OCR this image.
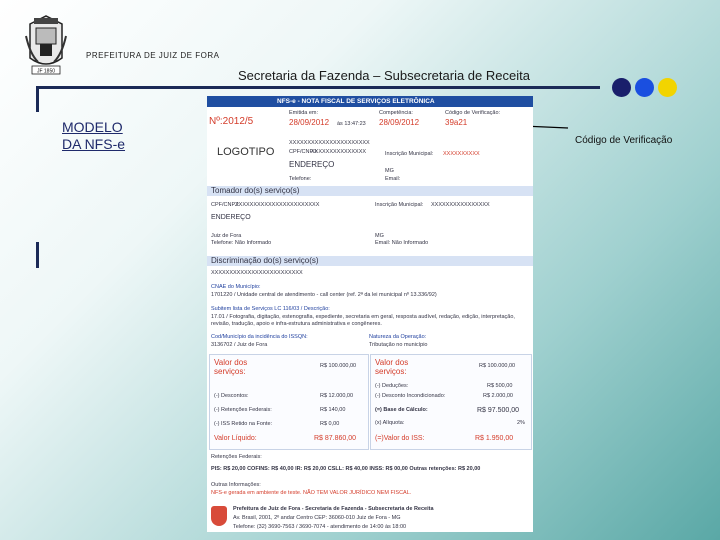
JF 1850
PREFEITURA DE JUIZ DE FORA
Secretaria da Fazenda – Subsecretaria de Receita
MODELO
DA NFS-e	Código de Verificação
NFS-e - NOTA FISCAL DE SERVIÇOS ELETRÔNICA
Nº:2012/5
Emitida em:
28/09/2012 às 13:47:23
Competência:
28/09/2012
Código de Verificação:
39a21
LOGOTIPO
XXXXXXXXXXXXXXXXXXXXXX
CPF/CNPJ:
XXXXXXXXXXXXXXX	Inscrição Municipal: XXXXXXXXXX
ENDEREÇO
Telefone:
MG
Email:
Tomador do(s) serviço(s)
CPF/CNPJ:
XXXXXXXXXXXXXXXXXXXXXXX	Inscrição Municipal: XXXXXXXXXXXXXXXX
ENDEREÇO
Juiz de Fora
Telefone: Não Informado
MG
Email: Não Informado
Discriminação do(s) serviço(s)
XXXXXXXXXXXXXXXXXXXXXXXXX
CNAE do Município:
1701220 / Unidade central de atendimento - call center (ref. 2ª da lei municipal nº 13.336/92)
Subitem lista de Serviços LC 116/03 / Descrição:
17.01 / Fotografia, digitação, estenografia, expediente, secretaria em geral, resposta audível, redação, edição, interpretação, revisão, tradução, apoio e infra-estrutura administrativa e congêneres.
Cod/Município da incidência do ISSQN:
3136702 / Juiz de Fora
Natureza da Operação:
Tributação no município
Valor dos serviços:
R$ 100.000,00
(-) Descontos:	R$ 12.000,00
(-) Retenções Federais:	R$ 140,00
(-) ISS Retido na Fonte:	R$ 0,00
Valor Líquido:	R$ 87.860,00
Valor dos serviços:
R$ 100.000,00
(-) Deduções:	R$ 500,00
(-) Desconto Incondicionado:	R$ 2.000,00
(=) Base de Cálculo:	R$ 97.500,00
(x) Alíquota:	2%
(=)Valor do ISS:	R$ 1.950,00
Retenções Federais:
PIS: R$ 20,00 COFINS: R$ 40,00 IR: R$ 20,00 CSLL: R$ 40,00 INSS: R$ 00,00 Outras retenções: R$ 20,00
Outras Informações:
NFS-e gerada em ambiente de teste. NÃO TEM VALOR JURÍDICO NEM FISCAL.
Prefeitura de Juiz de Fora - Secretaria de Fazenda - Subsecretaria de Receita
Av. Brasil, 2001, 2º andar Centro CEP: 36060-010 Juiz de Fora - MG
Telefone: (32) 3690-7563 / 3690-7074 - atendimento de 14:00 às 18:00
